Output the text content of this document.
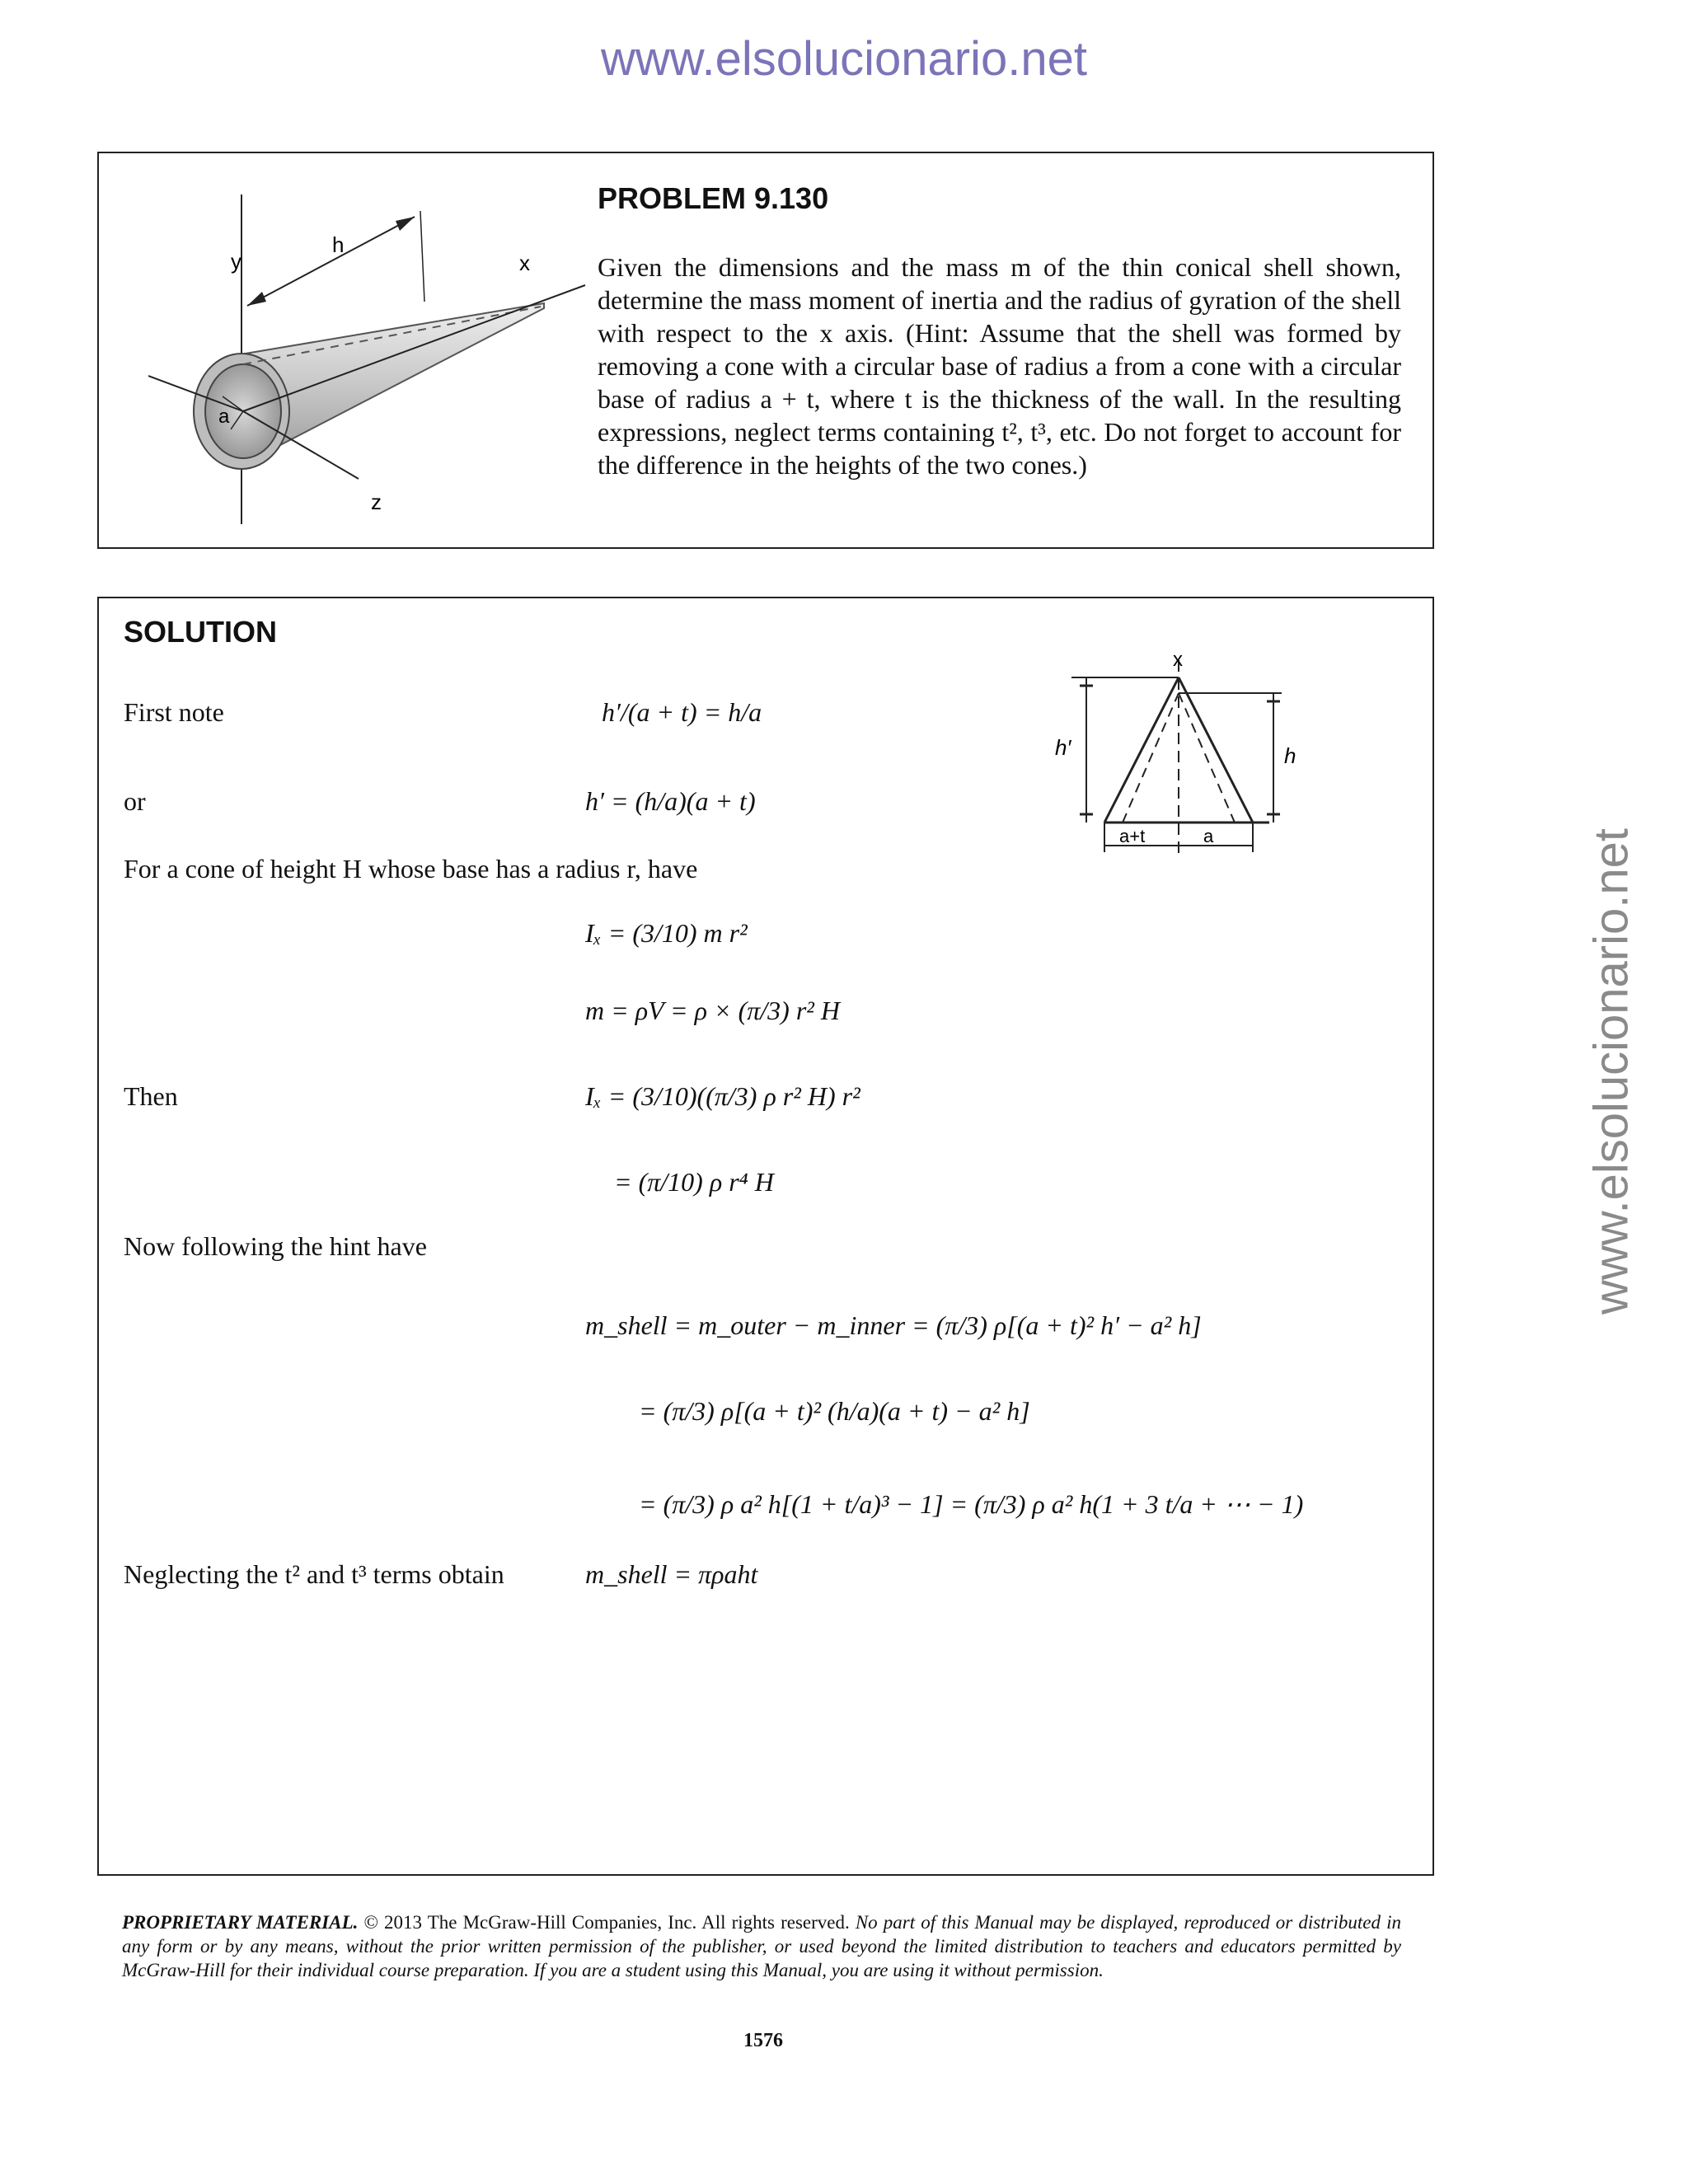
www.elsolucionario.net
www.elsolucionario.net
y
h
x
a
z
PROBLEM 9.130
Given the dimensions and the mass m of the thin conical shell shown, determine the mass moment of inertia and the radius of gyration of the shell with respect to the x axis. (Hint: Assume that the shell was formed by removing a cone with a circular base of radius a from a cone with a circular base of radius a + t, where t is the thickness of the wall. In the resulting expressions, neglect terms containing t², t³, etc. Do not forget to account for the difference in the heights of the two cones.)
SOLUTION
x
h′	h
a+t	a
First note
or
For a cone of height H whose base has a radius r, have
Then
Now following the hint have
Neglecting the t² and t³ terms obtain
h′/(a + t) = h/a
h′ = (h/a)(a + t)
Iₓ = (3/10) m r²
m = ρV = ρ × (π/3) r² H
Iₓ = (3/10)((π/3) ρ r² H) r²
= (π/10) ρ r⁴ H
m_shell = m_outer − m_inner = (π/3) ρ[(a + t)² h′ − a² h]
= (π/3) ρ[(a + t)² (h/a)(a + t) − a² h]
= (π/3) ρ a² h[(1 + t/a)³ − 1] = (π/3) ρ a² h(1 + 3 t/a + ⋯ − 1)
m_shell = πρaht
PROPRIETARY MATERIAL. © 2013 The McGraw-Hill Companies, Inc. All rights reserved. No part of this Manual may be displayed, reproduced or distributed in any form or by any means, without the prior written permission of the publisher, or used beyond the limited distribution to teachers and educators permitted by McGraw-Hill for their individual course preparation. If you are a student using this Manual, you are using it without permission.
1576
